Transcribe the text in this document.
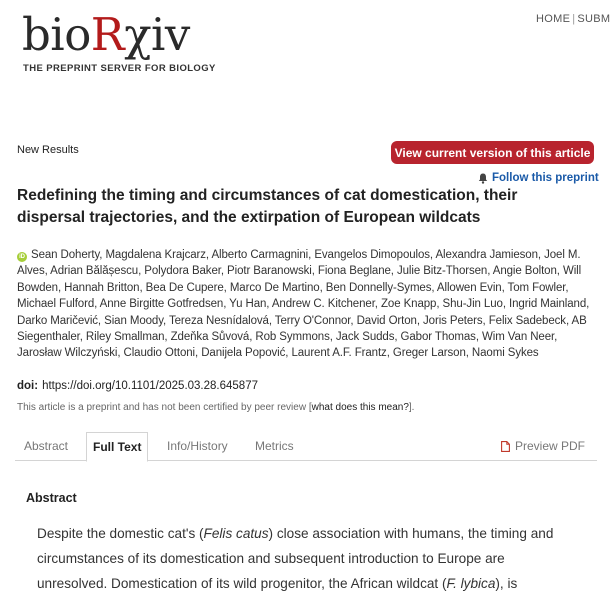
bioRχiv
THE PREPRINT SERVER FOR BIOLOGY
HOME | SUBM
New Results	View current version of this article
Follow this preprint
Redefining the timing and circumstances of cat domestication, their dispersal trajectories, and the extirpation of European wildcats
iD Sean Doherty, Magdalena Krajcarz, Alberto Carmagnini, Evangelos Dimopoulos, Alexandra Jamieson, Joel M. Alves, Adrian Bălășescu, Polydora Baker, Piotr Baranowski, Fiona Beglane, Julie Bitz-Thorsen, Angie Bolton, Will Bowden, Hannah Britton, Bea De Cupere, Marco De Martino, Ben Donnelly-Symes, Allowen Evin, Tom Fowler, Michael Fulford, Anne Birgitte Gotfredsen, Yu Han, Andrew C. Kitchener, Zoe Knapp, Shu-Jin Luo, Ingrid Mainland, Darko Maričević, Sian Moody, Tereza Nesnídalová, Terry O'Connor, David Orton, Joris Peters, Felix Sadebeck, AB Siegenthaler, Riley Smallman, Zdeňka Sůvová, Rob Symmons, Jack Sudds, Gabor Thomas, Wim Van Neer, Jarosław Wilczyński, Claudio Ottoni, Danijela Popović, Laurent A.F. Frantz, Greger Larson, Naomi Sykes
doi: https://doi.org/10.1101/2025.03.28.645877
This article is a preprint and has not been certified by peer review [what does this mean?].
Abstract	Full Text	Info/History Metrics	Preview PDF
Abstract
Despite the domestic cat's (Felis catus) close association with humans, the timing and circumstances of its domestication and subsequent introduction to Europe are unresolved. Domestication of its wild progenitor, the African wildcat (F. lybica), is
